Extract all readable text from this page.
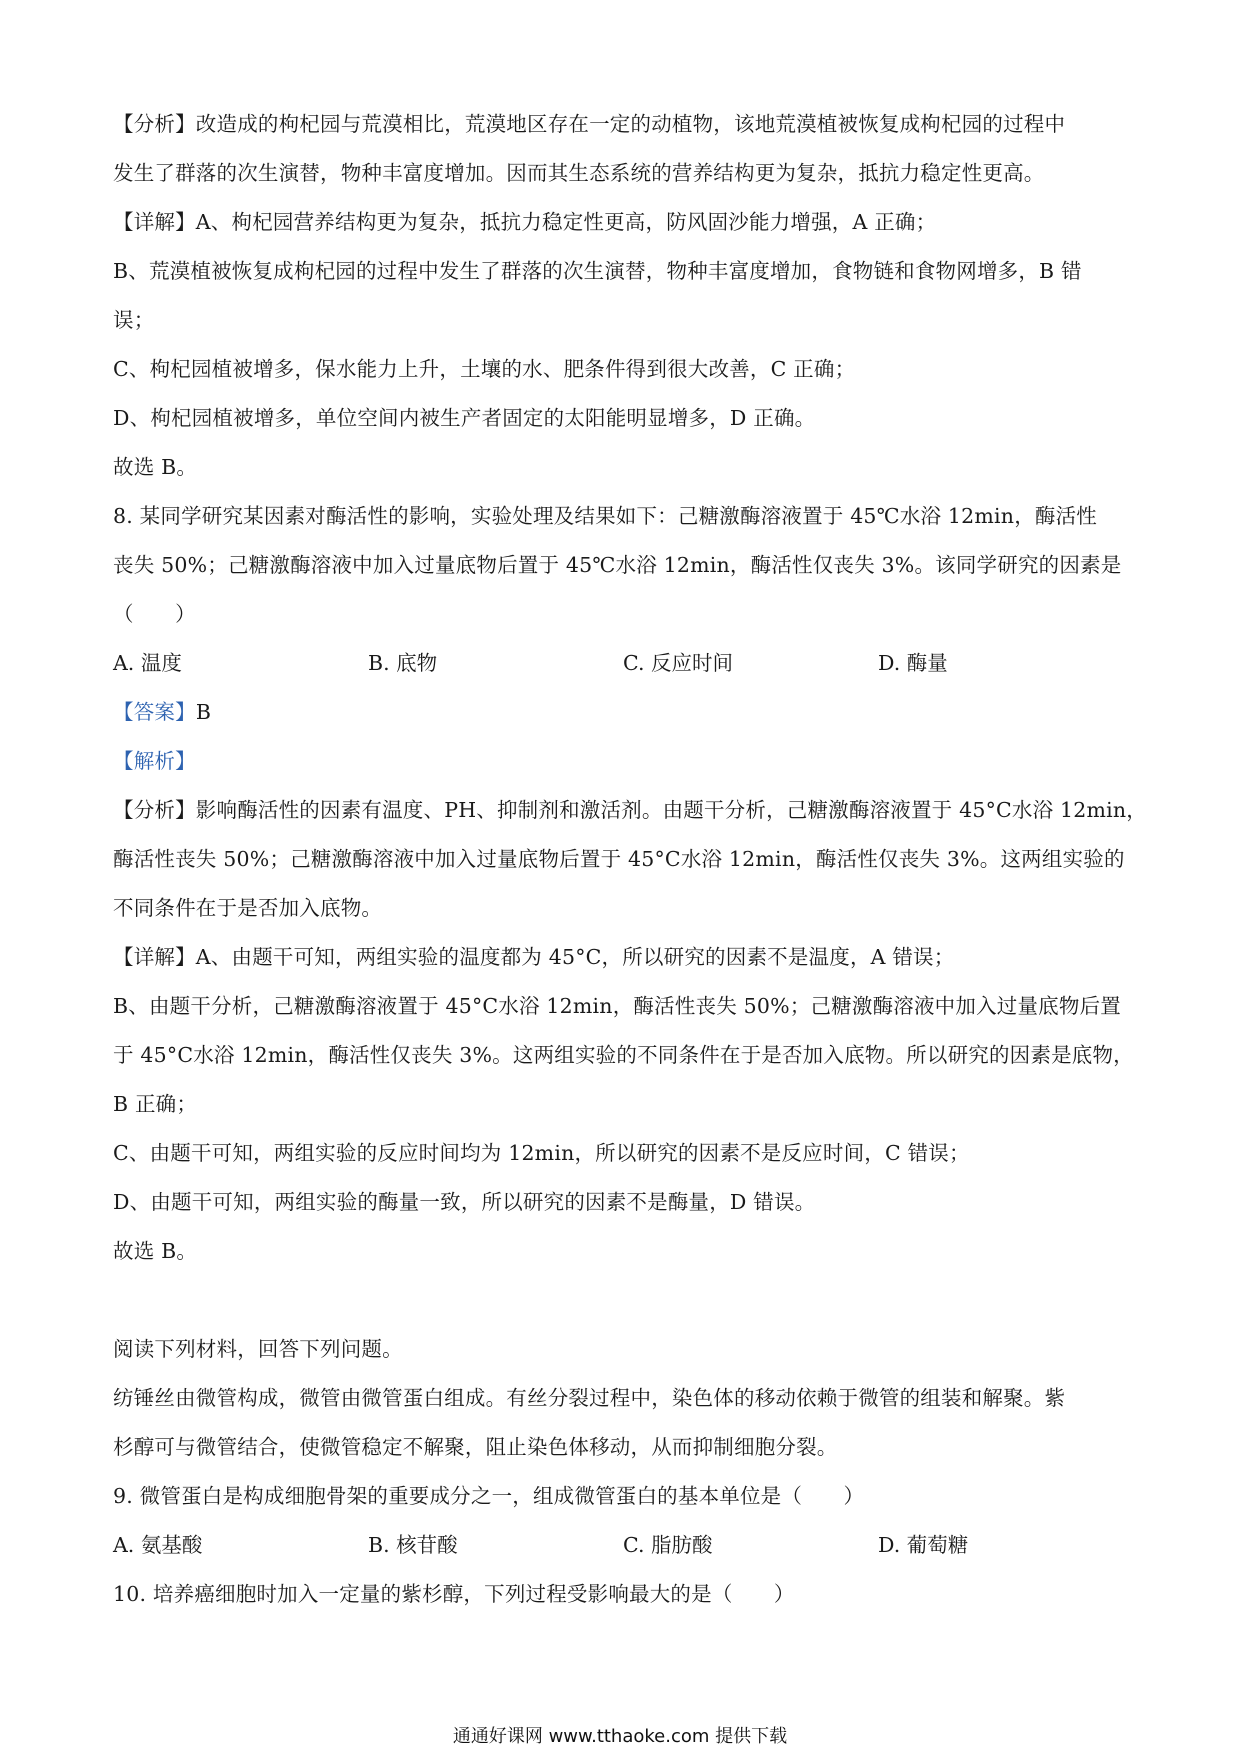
【分析】改造成的枸杞园与荒漠相比，荒漠地区存在一定的动植物，该地荒漠植被恢复成枸杞园的过程中
发生了群落的次生演替，物种丰富度增加。因而其生态系统的营养结构更为复杂，抵抗力稳定性更高。
【详解】A、枸杞园营养结构更为复杂，抵抗力稳定性更高，防风固沙能力增强，A 正确；
B、荒漠植被恢复成枸杞园的过程中发生了群落的次生演替，物种丰富度增加，食物链和食物网增多，B 错
误；
C、枸杞园植被增多，保水能力上升，土壤的水、肥条件得到很大改善，C 正确；
D、枸杞园植被增多，单位空间内被生产者固定的太阳能明显增多，D 正确。
故选 B。
8. 某同学研究某因素对酶活性的影响，实验处理及结果如下：己糖激酶溶液置于 45℃水浴 12min，酶活性
丧失 50%；己糖激酶溶液中加入过量底物后置于 45℃水浴 12min，酶活性仅丧失 3%。该同学研究的因素是
（　　）
A. 温度	B. 底物	C. 反应时间	D. 酶量
【答案】B
【解析】
【分析】影响酶活性的因素有温度、PH、抑制剂和激活剂。由题干分析，己糖激酶溶液置于 45°C水浴 12min，
酶活性丧失 50%；己糖激酶溶液中加入过量底物后置于 45°C水浴 12min，酶活性仅丧失 3%。这两组实验的
不同条件在于是否加入底物。
【详解】A、由题干可知，两组实验的温度都为 45°C，所以研究的因素不是温度，A 错误；
B、由题干分析，己糖激酶溶液置于 45°C水浴 12min，酶活性丧失 50%；己糖激酶溶液中加入过量底物后置
于 45°C水浴 12min，酶活性仅丧失 3%。这两组实验的不同条件在于是否加入底物。所以研究的因素是底物，
B 正确；
C、由题干可知，两组实验的反应时间均为 12min，所以研究的因素不是反应时间，C 错误；
D、由题干可知，两组实验的酶量一致，所以研究的因素不是酶量，D 错误。
故选 B。
阅读下列材料，回答下列问题。
纺锤丝由微管构成，微管由微管蛋白组成。有丝分裂过程中，染色体的移动依赖于微管的组装和解聚。紫
杉醇可与微管结合，使微管稳定不解聚，阻止染色体移动，从而抑制细胞分裂。
9. 微管蛋白是构成细胞骨架的重要成分之一，组成微管蛋白的基本单位是（　　）
A. 氨基酸	B. 核苷酸	C. 脂肪酸	D. 葡萄糖
10. 培养癌细胞时加入一定量的紫杉醇，下列过程受影响最大的是（　　）
通通好课网 www.tthaoke.com 提供下载
